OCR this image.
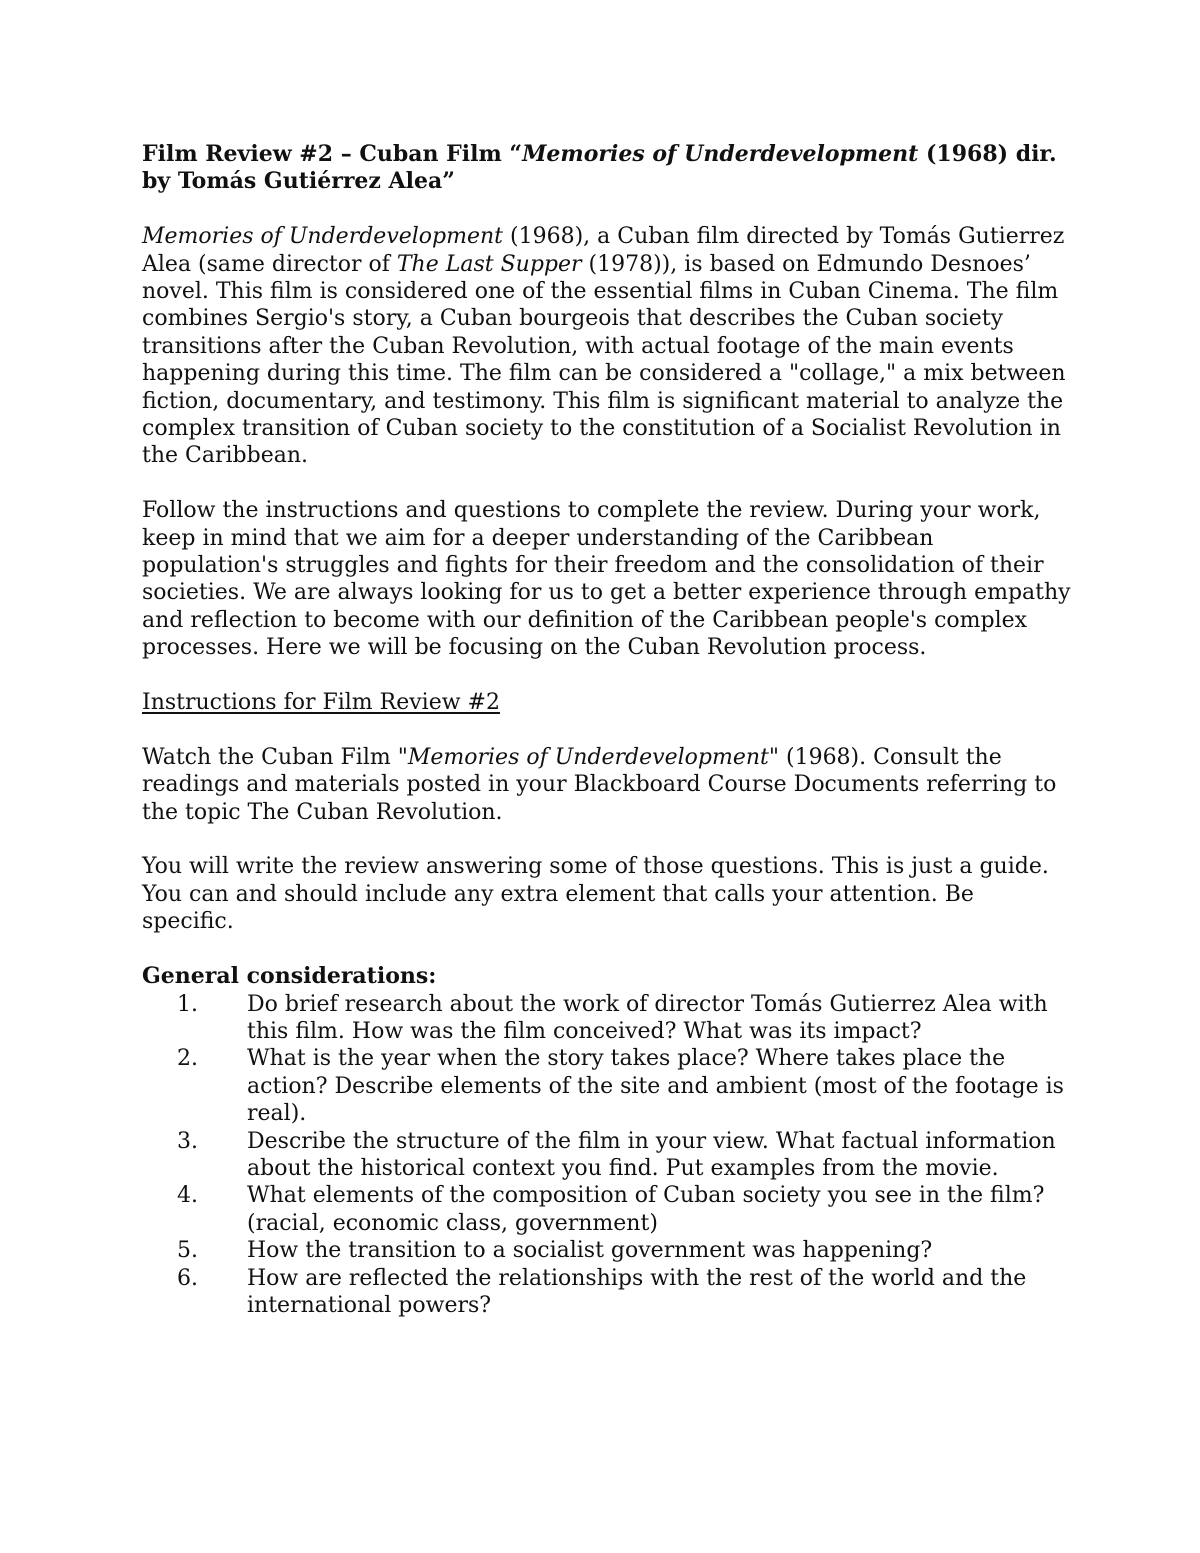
Film Review #2 – Cuban Film “Memories of Underdevelopment (1968) dir. by Tomás Gutiérrez Alea”

Memories of Underdevelopment (1968), a Cuban film directed by Tomás Gutierrez Alea (same director of The Last Supper (1978)), is based on Edmundo Desnoes’ novel. This film is considered one of the essential films in Cuban Cinema. The film combines Sergio's story, a Cuban bourgeois that describes the Cuban society transitions after the Cuban Revolution, with actual footage of the main events happening during this time. The film can be considered a "collage," a mix between fiction, documentary, and testimony. This film is significant material to analyze the complex transition of Cuban society to the constitution of a Socialist Revolution in the Caribbean.

Follow the instructions and questions to complete the review. During your work, keep in mind that we aim for a deeper understanding of the Caribbean population's struggles and fights for their freedom and the consolidation of their societies. We are always looking for us to get a better experience through empathy and reflection to become with our definition of the Caribbean people's complex processes. Here we will be focusing on the Cuban Revolution process.

Instructions for Film Review #2

Watch the Cuban Film "Memories of Underdevelopment" (1968). Consult the readings and materials posted in your Blackboard Course Documents referring to the topic The Cuban Revolution.

You will write the review answering some of those questions. This is just a guide. You can and should include any extra element that calls your attention. Be specific.

General considerations:

1.	Do brief research about the work of director Tomás Gutierrez Alea with this film. How was the film conceived? What was its impact?
2.	What is the year when the story takes place? Where takes place the action? Describe elements of the site and ambient (most of the footage is real).
3.	Describe the structure of the film in your view. What factual information about the historical context you find. Put examples from the movie.
4.	What elements of the composition of Cuban society you see in the film? (racial, economic class, government)
5.	How the transition to a socialist government was happening?
6.	How are reflected the relationships with the rest of the world and the international powers?
